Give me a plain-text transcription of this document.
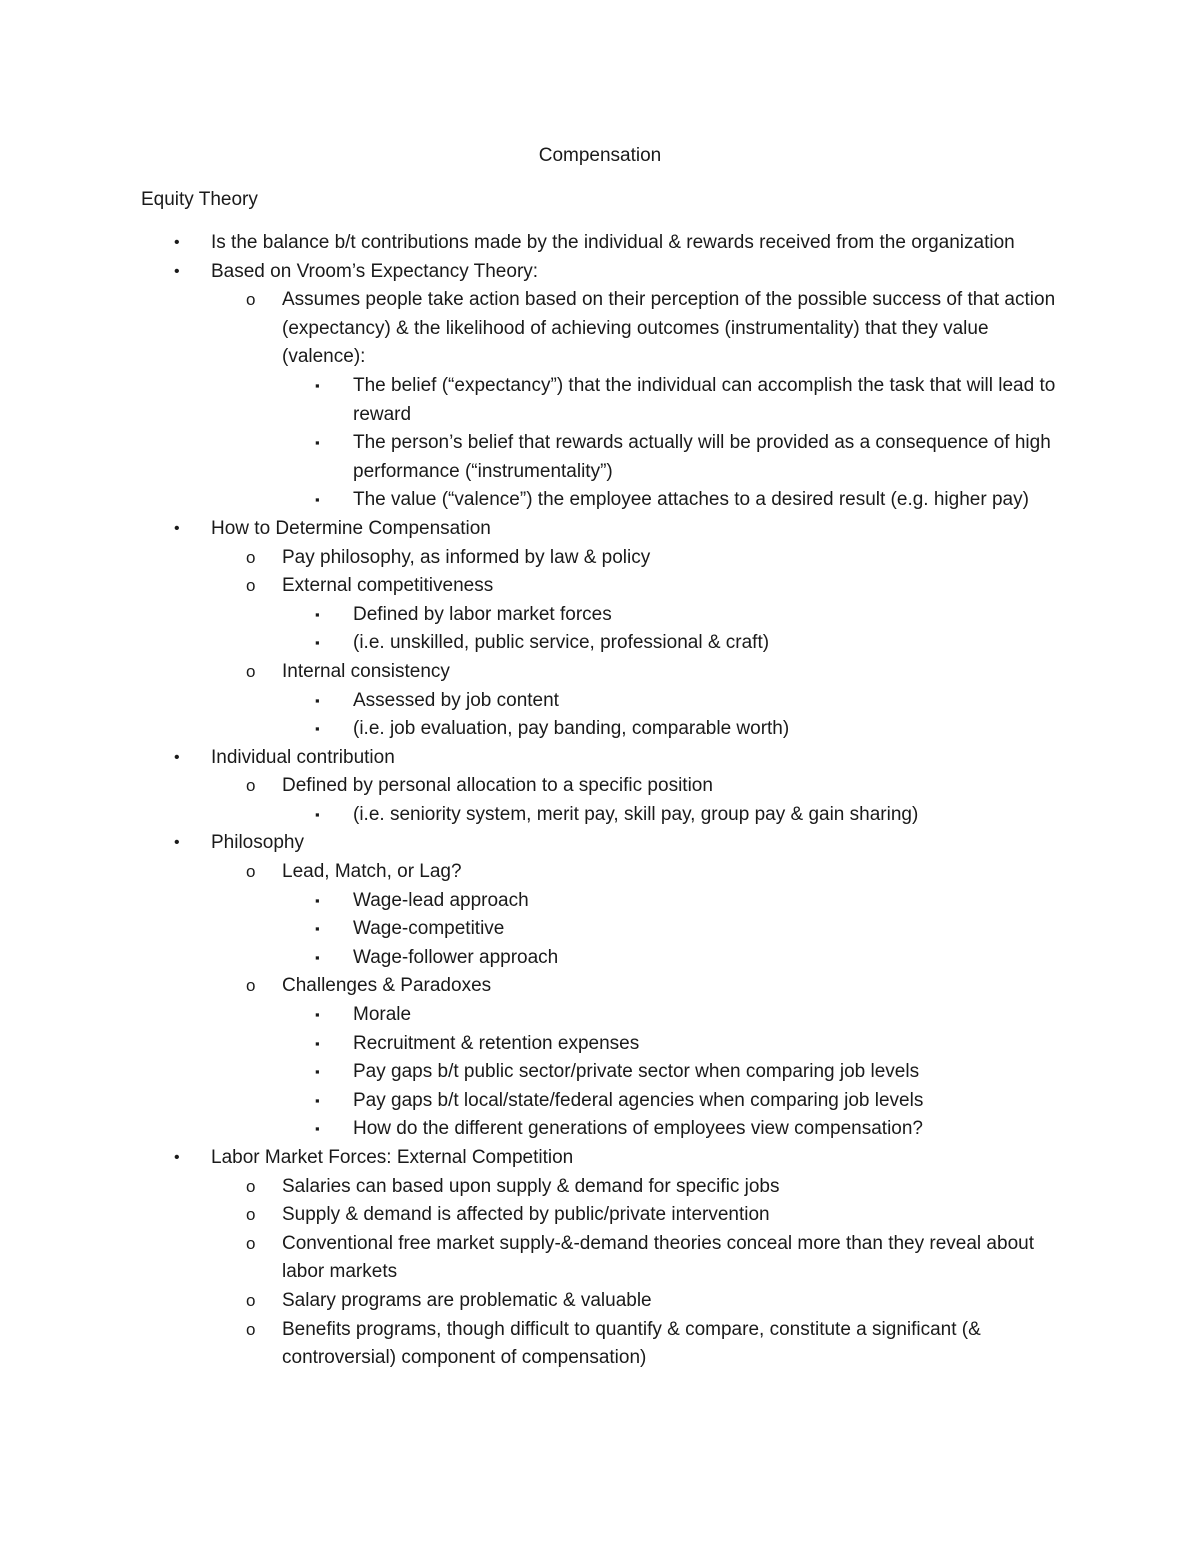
Compensation
Equity Theory
• Is the balance b/t contributions made by the individual & rewards received from the organization
• Based on Vroom’s Expectancy Theory:
o Assumes people take action based on their perception of the possible success of that action (expectancy) & the likelihood of achieving outcomes (instrumentality) that they value (valence):
▪ The belief (“expectancy”) that the individual can accomplish the task that will lead to reward
▪ The person’s belief that rewards actually will be provided as a consequence of high performance (“instrumentality”)
▪ The value (“valence”) the employee attaches to a desired result (e.g. higher pay)
• How to Determine Compensation
o Pay philosophy, as informed by law & policy
o External competitiveness
▪ Defined by labor market forces
▪ (i.e. unskilled, public service, professional & craft)
o Internal consistency
▪ Assessed by job content
▪ (i.e. job evaluation, pay banding, comparable worth)
• Individual contribution
o Defined by personal allocation to a specific position
▪ (i.e. seniority system, merit pay, skill pay, group pay & gain sharing)
• Philosophy
o Lead, Match, or Lag?
▪ Wage-lead approach
▪ Wage-competitive
▪ Wage-follower approach
o Challenges & Paradoxes
▪ Morale
▪ Recruitment & retention expenses
▪ Pay gaps b/t public sector/private sector when comparing job levels
▪ Pay gaps b/t local/state/federal agencies when comparing job levels
▪ How do the different generations of employees view compensation?
• Labor Market Forces: External Competition
o Salaries can based upon supply & demand for specific jobs
o Supply & demand is affected by public/private intervention
o Conventional free market supply-&-demand theories conceal more than they reveal about labor markets
o Salary programs are problematic & valuable
o Benefits programs, though difficult to quantify & compare, constitute a significant (& controversial) component of compensation)
